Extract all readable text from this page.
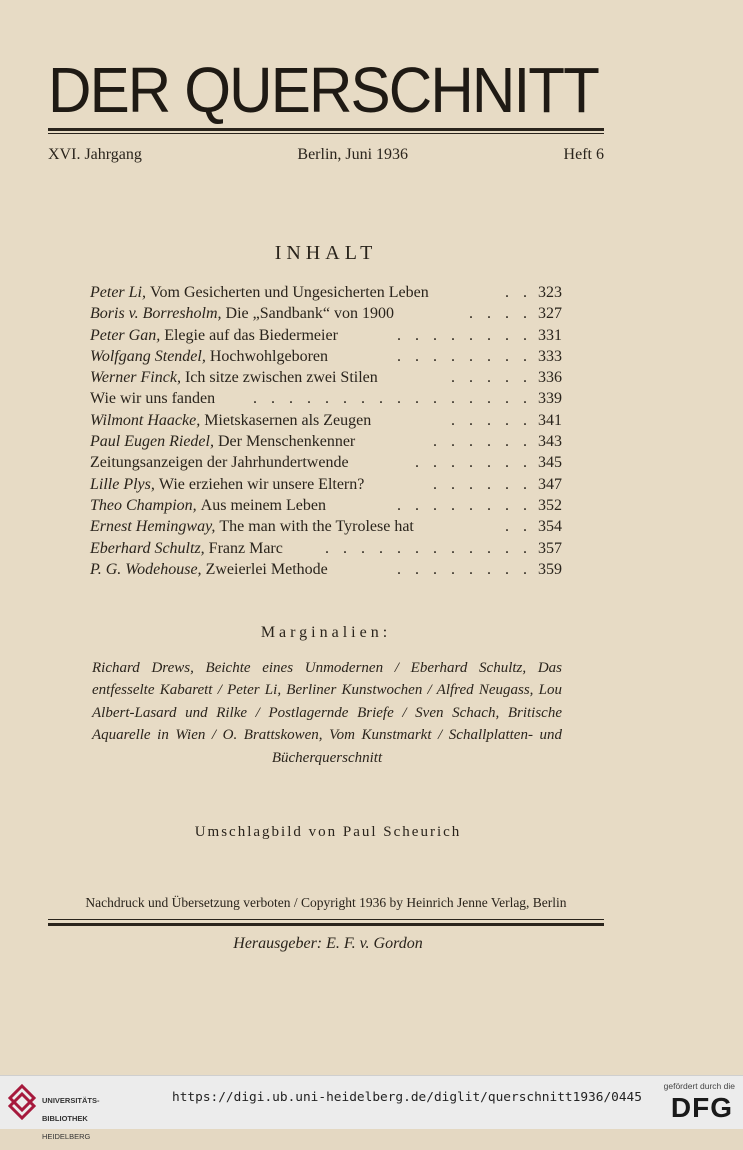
DER QUERSCHNITT
XVI. Jahrgang	Berlin, Juni 1936	Heft 6
INHALT
Peter Li, Vom Gesicherten und Ungesicherten Leben	. . 323
Boris v. Borresholm, Die „Sandbank“ von 1900	. . . . 327
Peter Gan, Elegie auf das Biedermeier	. . . . . . . . 331
Wolfgang Stendel, Hochwohlgeboren	. . . . . . . . 333
Werner Finck, Ich sitze zwischen zwei Stilen	. . . . . 336
Wie wir uns fanden	. . . . . . . . . . . . . . . . 339
Wilmont Haacke, Mietskasernen als Zeugen	. . . . . 341
Paul Eugen Riedel, Der Menschenkenner	. . . . . . 343
Zeitungsanzeigen der Jahrhundertwende	. . . . . . . 345
Lille Plys, Wie erziehen wir unsere Eltern?	. . . . . . 347
Theo Champion, Aus meinem Leben	. . . . . . . . 352
Ernest Hemingway, The man with the Tyrolese hat	. . 354
Eberhard Schultz, Franz Marc	. . . . . . . . . . . . 357
P. G. Wodehouse, Zweierlei Methode	. . . . . . . . 359
Marginalien:
Richard Drews, Beichte eines Unmodernen / Eberhard Schultz, Das entfesselte Kabarett / Peter Li, Berliner Kunstwochen / Alfred Neugass, Lou Albert-Lasard und Rilke / Postlagernde Briefe / Sven Schach, Britische Aquarelle in Wien / O. Brattskowen, Vom Kunstmarkt / Schallplatten- und Bücherquerschnitt
Umschlagbild von Paul Scheurich
Nachdruck und Übersetzung verboten / Copyright 1936 by Heinrich Jenne Verlag, Berlin
Herausgeber: E. F. v. Gordon

UNIVERSITÄTS-

BIBLIOTHEK

HEIDELBERG

https://digi.ub.uni-heidelberg.de/diglit/querschnitt1936/0445
gefördert durch die
DFG
